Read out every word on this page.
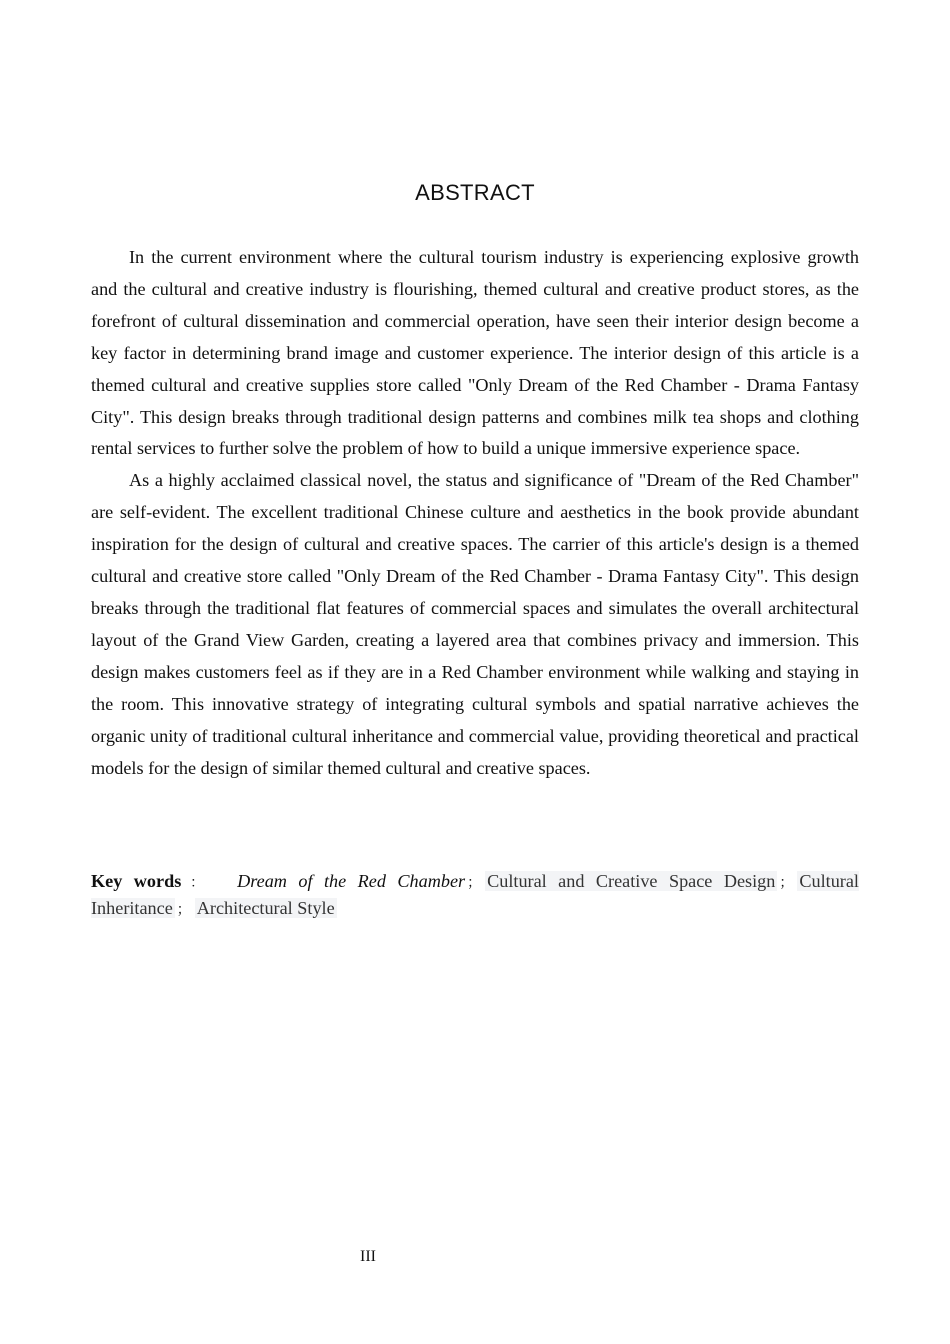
ABSTRACT

In the current environment where the cultural tourism industry is experiencing explosive growth and the cultural and creative industry is flourishing, themed cultural and creative product stores, as the forefront of cultural dissemination and commercial operation, have seen their interior design become a key factor in determining brand image and customer experience. The interior design of this article is a themed cultural and creative supplies store called "Only Dream of the Red Chamber - Drama Fantasy City". This design breaks through traditional design patterns and combines milk tea shops and clothing rental services to further solve the problem of how to build a unique immersive experience space.

As a highly acclaimed classical novel, the status and significance of "Dream of the Red Chamber" are self-evident. The excellent traditional Chinese culture and aesthetics in the book provide abundant inspiration for the design of cultural and creative spaces. The carrier of this article's design is a themed cultural and creative store called "Only Dream of the Red Chamber - Drama Fantasy City". This design breaks through the traditional flat features of commercial spaces and simulates the overall architectural layout of the Grand View Garden, creating a layered area that combines privacy and immersion. This design makes customers feel as if they are in a Red Chamber environment while walking and staying in the room. This innovative strategy of integrating cultural symbols and spatial narrative achieves the organic unity of traditional cultural inheritance and commercial value, providing theoretical and practical models for the design of similar themed cultural and creative spaces.

Key words ： Dream of the Red Chamber ； Cultural and Creative Space Design ； Cultural Inheritance ； Architectural Style

III
